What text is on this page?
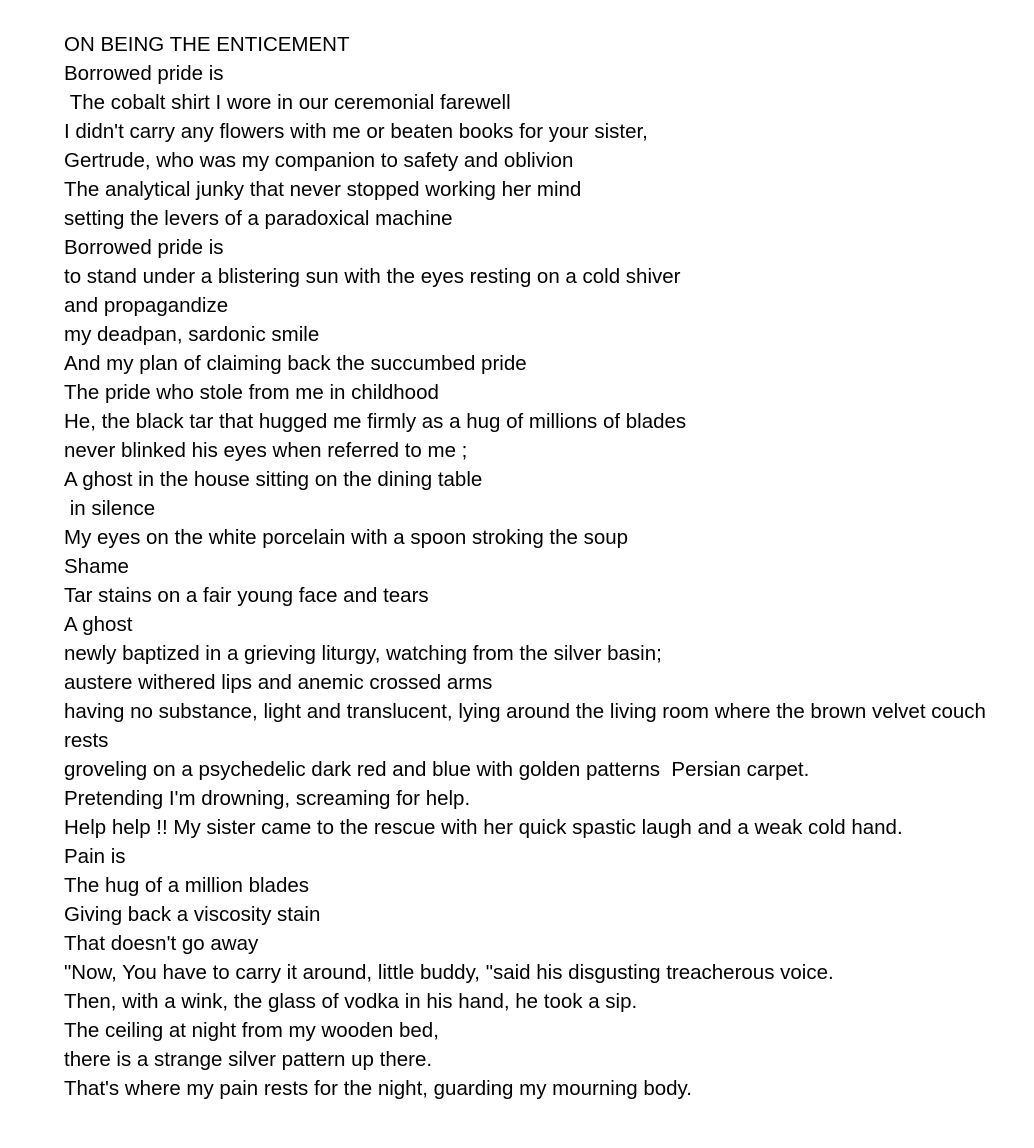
ON BEING THE ENTICEMENT

Borrowed pride is

The cobalt shirt I wore in our ceremonial farewell

I didn't carry any flowers with me or beaten books for your sister,

Gertrude, who was my companion to safety and oblivion

The analytical junky that never stopped working her mind

setting the levers of a paradoxical machine

Borrowed pride is

to stand under a blistering sun with the eyes resting on a cold shiver

and propagandize

my deadpan, sardonic smile

And my plan of claiming back the succumbed pride

The pride who stole from me in childhood

He, the black tar that hugged me firmly as a hug of millions of blades

never blinked his eyes when referred to me ;

A ghost in the house sitting on the dining table

in silence

My eyes on the white porcelain with a spoon stroking the soup

Shame

Tar stains on a fair young face and tears

A ghost

newly baptized in a grieving liturgy, watching from the silver basin;

austere withered lips and anemic crossed arms

having no substance, light and translucent, lying around the living room where the brown velvet couch rests

groveling on a psychedelic dark red and blue with golden patterns  Persian carpet.

Pretending I'm drowning, screaming for help.

Help help !! My sister came to the rescue with her quick spastic laugh and a weak cold hand.

Pain is

The hug of a million blades

Giving back a viscosity stain

That doesn't go away

"Now, You have to carry it around, little buddy, "said his disgusting treacherous voice.

Then, with a wink, the glass of vodka in his hand, he took a sip.

The ceiling at night from my wooden bed,

there is a strange silver pattern up there.

That's where my pain rests for the night, guarding my mourning body.
